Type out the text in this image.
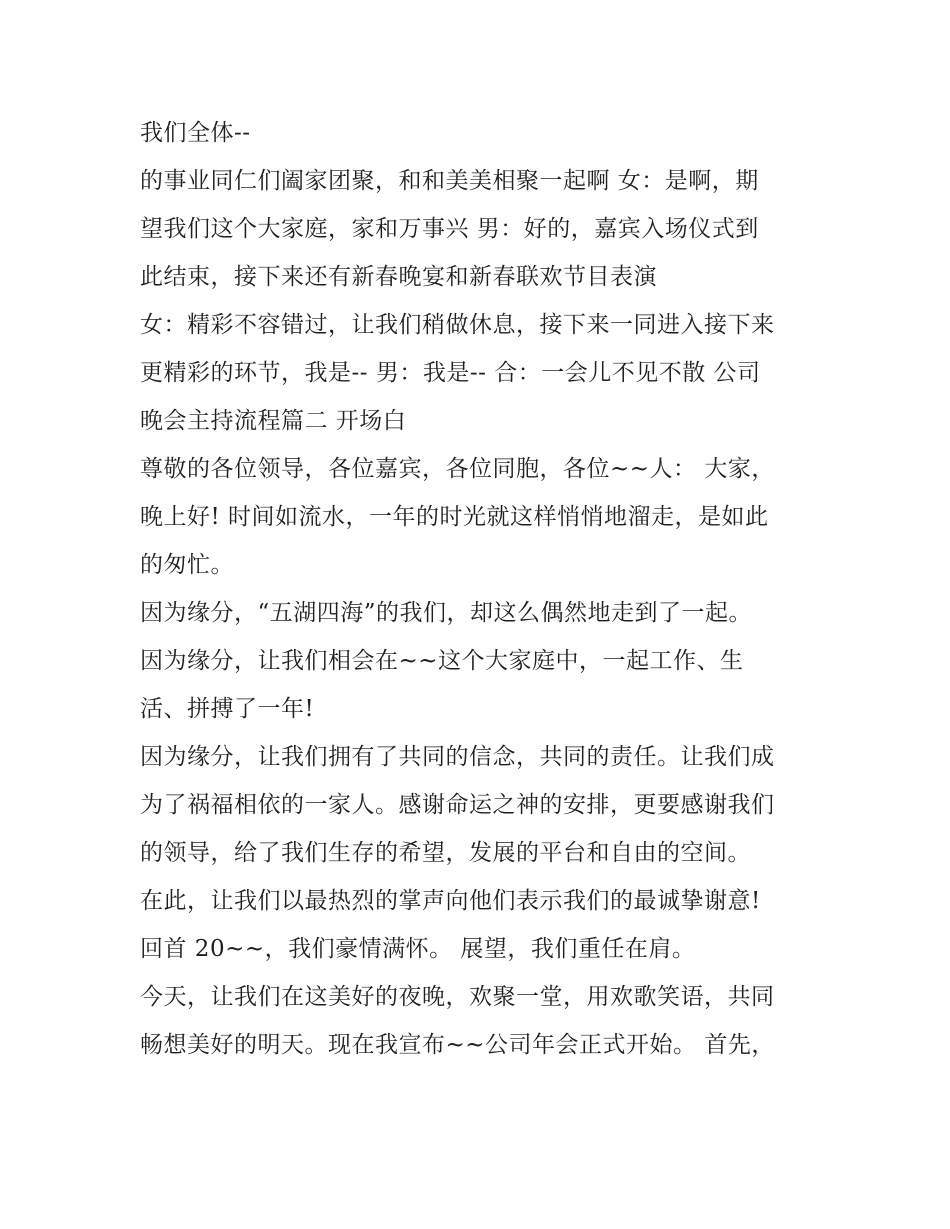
我们全体--
的事业同仁们阖家团聚，和和美美相聚一起啊 女：是啊，期
望我们这个大家庭，家和万事兴 男：好的，嘉宾入场仪式到
此结束，接下来还有新春晚宴和新春联欢节目表演
女：精彩不容错过，让我们稍做休息，接下来一同进入接下来
更精彩的环节，我是-- 男：我是-- 合：一会儿不见不散 公司
晚会主持流程篇二 开场白
尊敬的各位领导，各位嘉宾，各位同胞，各位~~人： 大家，
晚上好! 时间如流水，一年的时光就这样悄悄地溜走，是如此
的匆忙。
因为缘分，“五湖四海”的我们，却这么偶然地走到了一起。
因为缘分，让我们相会在~~这个大家庭中，一起工作、生
活、拼搏了一年!
因为缘分，让我们拥有了共同的信念，共同的责任。让我们成
为了祸福相依的一家人。感谢命运之神的安排，更要感谢我们
的领导，给了我们生存的希望，发展的平台和自由的空间。
在此，让我们以最热烈的掌声向他们表示我们的最诚挚谢意!
回首 20~~，我们豪情满怀。 展望，我们重任在肩。
今天，让我们在这美好的夜晚，欢聚一堂，用欢歌笑语，共同
畅想美好的明天。现在我宣布~~公司年会正式开始。 首先，
